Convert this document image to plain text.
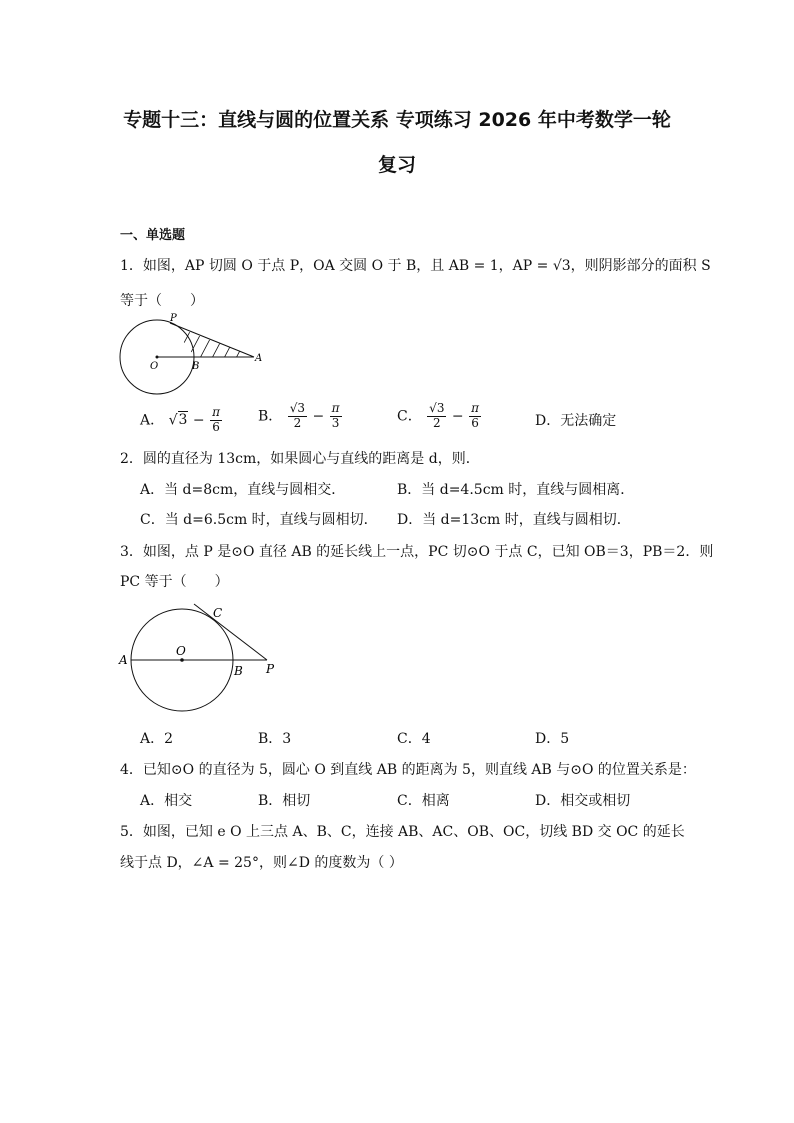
专题十三：直线与圆的位置关系 专项练习 2026 年中考数学一轮
复习
一、单选题
1．如图，AP 切圆 O 于点 P，OA 交圆 O 于 B，且 AB = 1，AP = √3，则阴影部分的面积 S
等于（　　）
P
O	B
A
A． $√3 - \frac{\pi}{6}$	B． $\frac{√3}{2} - \frac{\pi}{3}$	C． $\frac{√3}{2} - \frac{\pi}{6}$	D．无法确定
2．圆的直径为 13cm，如果圆心与直线的距离是 d，则．
A．当 d=8cm，直线与圆相交．	B．当 d=4.5cm 时，直线与圆相离．
C．当 d=6.5cm 时，直线与圆相切． D．当 d=13cm 时，直线与圆相切．
3．如图，点 P 是⊙O 直径 AB 的延长线上一点，PC 切⊙O 于点 C，已知 OB＝3，PB＝2．则
PC 等于（　　）
C
O
A
B P
A．2	B．3	C．4	D．5
4．已知⊙O 的直径为 5，圆心 O 到直线 AB 的距离为 5，则直线 AB 与⊙O 的位置关系是：
A．相交	B．相切	C．相离	D．相交或相切
5．如图，已知 e O 上三点 A、B、C，连接 AB、AC、OB、OC，切线 BD 交 OC 的延长
线于点 D，∠A = 25°，则∠D 的度数为（ ）
